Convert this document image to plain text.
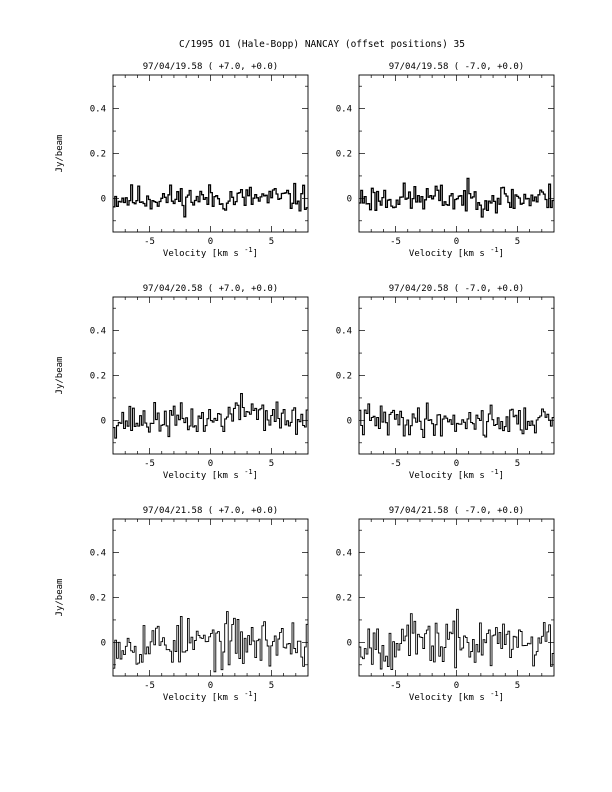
C/1995 O1 (Hale-Bopp) NANCAY (offset positions) 35
-5	0	5
0
0.2
0.4
97/04/19.58 ( +7.0, +0.0)
Velocity [km s $^{-1}$]
Jy/beam
-5	0	5
0
0.2
0.4
97/04/19.58 ( -7.0, +0.0)
Velocity [km s $^{-1}$]
-5	0	5
0
0.2
0.4
97/04/20.58 ( +7.0, +0.0)
Velocity [km s $^{-1}$]
Jy/beam
-5	0	5
0
0.2
0.4
97/04/20.58 ( -7.0, +0.0)
Velocity [km s $^{-1}$]
-5	0	5
0
0.2
0.4
97/04/21.58 ( +7.0, +0.0)
Velocity [km s $^{-1}$]
Jy/beam
-5	0	5
0
0.2
0.4
97/04/21.58 ( -7.0, +0.0)
Velocity [km s $^{-1}$]
